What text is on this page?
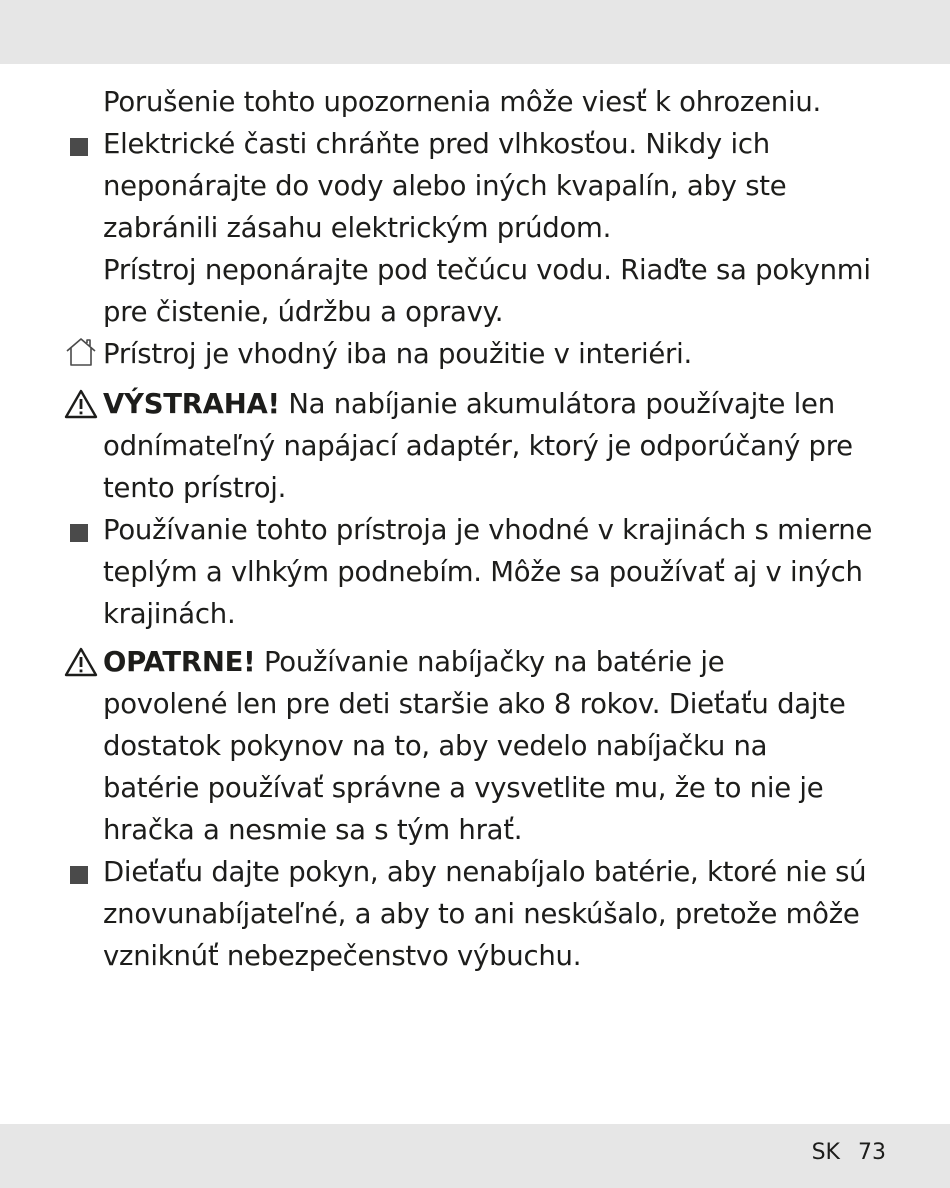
Porušenie tohto upozornenia môže viesť k ohrozeniu.
Elektrické časti chráňte pred vlhkosťou. Nikdy ich
neponárajte do vody alebo iných kvapalín, aby ste
zabránili zásahu elektrickým prúdom.
Prístroj neponárajte pod tečúcu vodu. Riaďte sa pokynmi
pre čistenie, údržbu a opravy.
Prístroj je vhodný iba na použitie v interiéri.
VÝSTRAHA! Na nabíjanie akumulátora používajte len
odnímateľný napájací adaptér, ktorý je odporúčaný pre
tento prístroj.
Používanie tohto prístroja je vhodné v krajinách s mierne
teplým a vlhkým podnebím. Môže sa používať aj v iných
krajinách.
OPATRNE! Používanie nabíjačky na batérie je
povolené len pre deti staršie ako 8 rokov. Dieťaťu dajte
dostatok pokynov na to, aby vedelo nabíjačku na
batérie používať správne a vysvetlite mu, že to nie je
hračka a nesmie sa s tým hrať.
Dieťaťu dajte pokyn, aby nenabíjalo batérie, ktoré nie sú
znovunabíjateľné, a aby to ani neskúšalo, pretože môže
vzniknúť nebezpečenstvo výbuchu.
SK 73
